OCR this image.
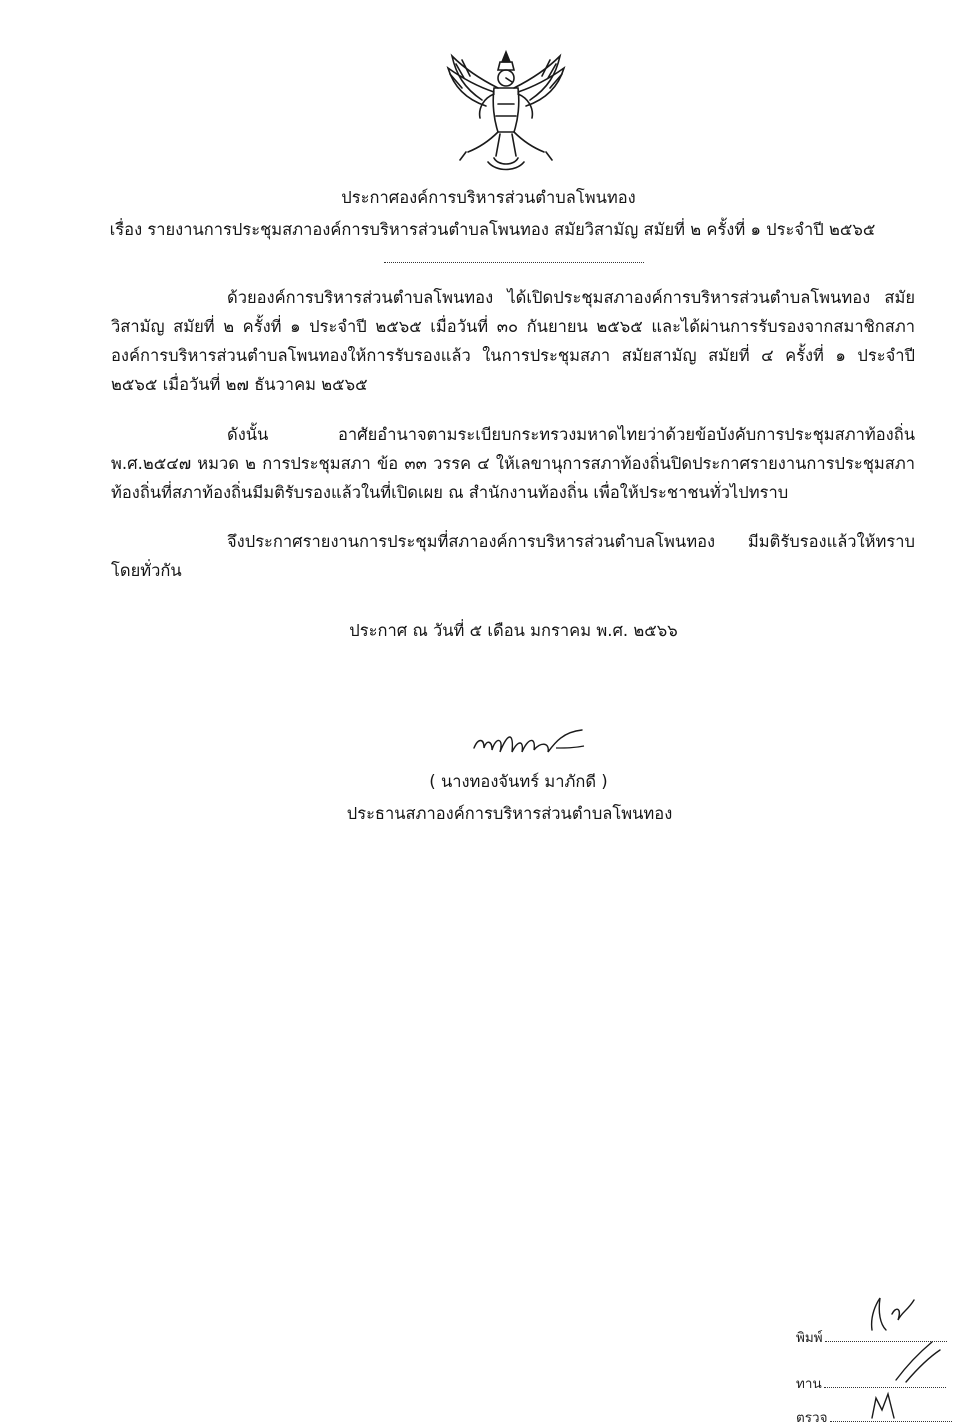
ประกาศองค์การบริหารส่วนตำบลโพนทอง
เรื่อง รายงานการประชุมสภาองค์การบริหารส่วนตำบลโพนทอง สมัยวิสามัญ สมัยที่ ๒ ครั้งที่ ๑ ประจำปี ๒๕๖๕

ด้วยองค์การบริหารส่วนตำบลโพนทอง ได้เปิดประชุมสภาองค์การบริหารส่วนตำบลโพนทอง สมัยวิสามัญ สมัยที่ ๒ ครั้งที่ ๑ ประจำปี ๒๕๖๕ เมื่อวันที่ ๓๐ กันยายน ๒๕๖๕ และได้ผ่านการรับรองจากสมาชิกสภาองค์การบริหารส่วนตำบลโพนทองให้การรับรองแล้ว ในการประชุมสภา สมัยสามัญ สมัยที่ ๔ ครั้งที่ ๑ ประจำปี ๒๕๖๕ เมื่อวันที่ ๒๗ ธันวาคม ๒๕๖๕

ดังนั้น อาศัยอำนาจตามระเบียบกระทรวงมหาดไทยว่าด้วยข้อบังคับการประชุมสภาท้องถิ่น พ.ศ.๒๕๔๗ หมวด ๒ การประชุมสภา ข้อ ๓๓ วรรค ๔ ให้เลขานุการสภาท้องถิ่นปิดประกาศรายงานการประชุมสภาท้องถิ่นที่สภาท้องถิ่นมีมติรับรองแล้วในที่เปิดเผย ณ สำนักงานท้องถิ่น เพื่อให้ประชาชนทั่วไปทราบ

จึงประกาศรายงานการประชุมที่สภาองค์การบริหารส่วนตำบลโพนทอง มีมติรับรองแล้วให้ทราบโดยทั่วกัน

ประกาศ ณ วันที่ ๕ เดือน มกราคม พ.ศ. ๒๕๖๖
( นางทองจันทร์ มาภักดี )
ประธานสภาองค์การบริหารส่วนตำบลโพนทอง
พิมพ์
ทาน
ตรวจ
